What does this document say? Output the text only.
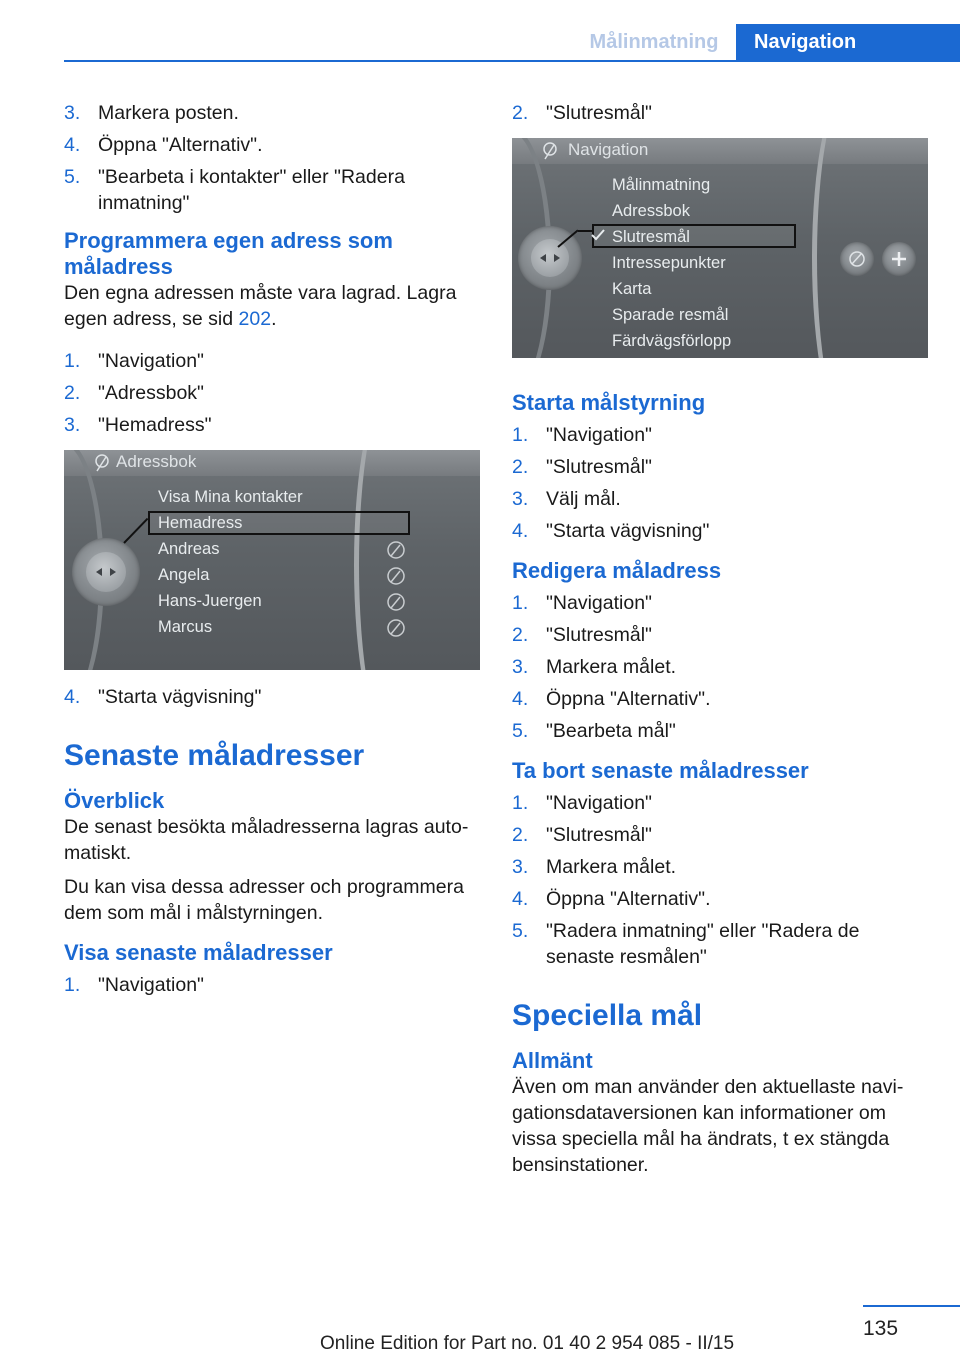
Målinmatning	Navigation
3. Markera posten.
4. Öppna "Alternativ".
5. "Bearbeta i kontakter" eller "Radera inmatning"
Programmera egen adress som måladress

Den egna adressen måste vara lagrad. Lagra egen adress, se sid 202.

1. "Navigation"
2. "Adressbok"
3. "Hemadress"
Adressbok
Visa Mina kontakter
Hemadress
Andreas
Angela
Hans-Juergen
Marcus
4. "Starta vägvisning"
Senaste måladresser
Överblick

De senast besökta måladresserna lagras automatiskt.

Du kan visa dessa adresser och programmera dem som mål i målstyrningen.

Visa senaste måladresser
1. "Navigation"
2. "Slutresmål"
Navigation
Målinmatning
Adressbok
Slutresmål
Intressepunkter
Karta
Sparade resmål
Färdvägsförlopp
Starta målstyrning
1. "Navigation"
2. "Slutresmål"
3. Välj mål.
4. "Starta vägvisning"
Redigera måladress
1. "Navigation"
2. "Slutresmål"
3. Markera målet.
4. Öppna "Alternativ".
5. "Bearbeta mål"
Ta bort senaste måladresser
1. "Navigation"
2. "Slutresmål"
3. Markera målet.
4. Öppna "Alternativ".
5. "Radera inmatning" eller "Radera de senaste resmålen"
Speciella mål
Allmänt

Även om man använder den aktuellaste navigationsdataversionen kan informationer om vissa speciella mål ha ändrats, t ex stängda bensinstationer.

135
Online Edition for Part no. 01 40 2 954 085 - II/15
